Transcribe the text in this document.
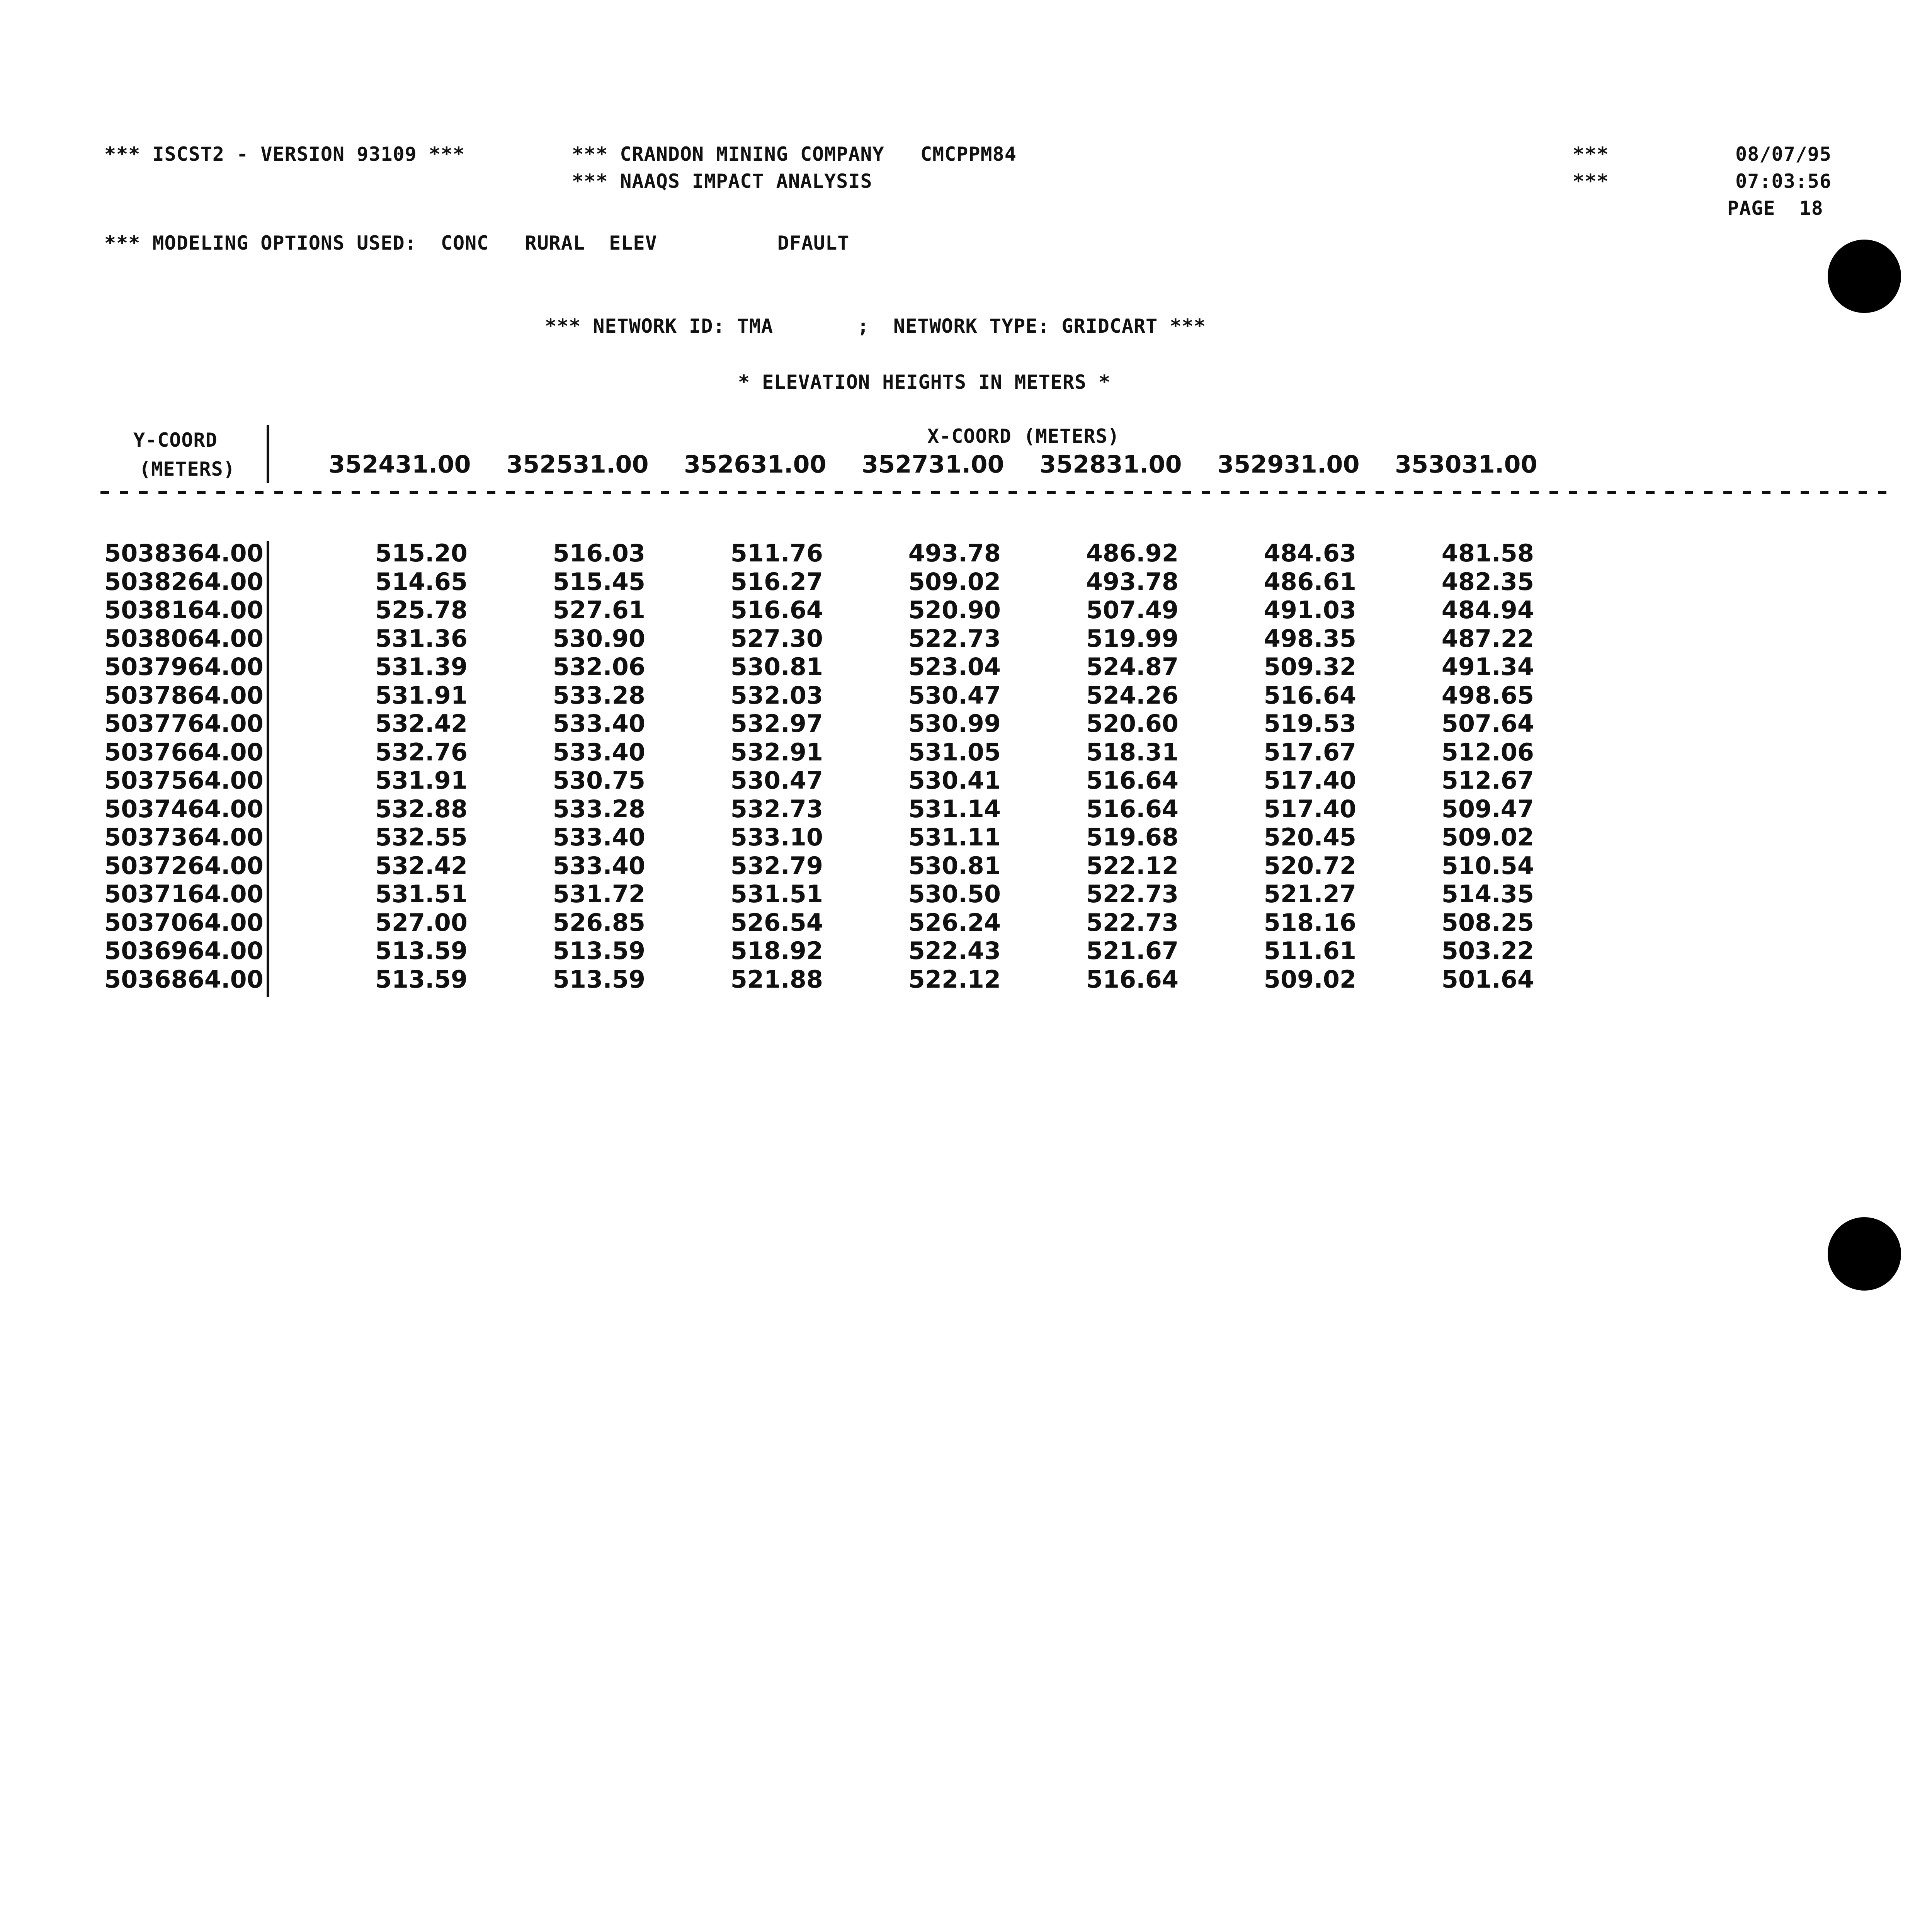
*** ISCST2 - VERSION 93109 ***	*** CRANDON MINING COMPANY   CMCPPM84
*** NAAQS IMPACT ANALYSIS
***
***
08/07/95
07:03:56
PAGE  18
*** MODELING OPTIONS USED:  CONC   RURAL  ELEV          DFAULT
*** NETWORK ID: TMA       ;  NETWORK TYPE: GRIDCART ***
* ELEVATION HEIGHTS IN METERS *
Y-COORD
(METERS)
X-COORD (METERS)
352431.00 352531.00 352631.00 352731.00 352831.00 352931.00 353031.00
5038364.00	515.20	516.03	511.76	493.78	486.92	484.63	481.58
5038264.00	514.65	515.45	516.27	509.02	493.78	486.61	482.35
5038164.00	525.78	527.61	516.64	520.90	507.49	491.03	484.94
5038064.00	531.36	530.90	527.30	522.73	519.99	498.35	487.22
5037964.00	531.39	532.06	530.81	523.04	524.87	509.32	491.34
5037864.00	531.91	533.28	532.03	530.47	524.26	516.64	498.65
5037764.00	532.42	533.40	532.97	530.99	520.60	519.53	507.64
5037664.00	532.76	533.40	532.91	531.05	518.31	517.67	512.06
5037564.00	531.91	530.75	530.47	530.41	516.64	517.40	512.67
5037464.00	532.88	533.28	532.73	531.14	516.64	517.40	509.47
5037364.00	532.55	533.40	533.10	531.11	519.68	520.45	509.02
5037264.00	532.42	533.40	532.79	530.81	522.12	520.72	510.54
5037164.00	531.51	531.72	531.51	530.50	522.73	521.27	514.35
5037064.00	527.00	526.85	526.54	526.24	522.73	518.16	508.25
5036964.00	513.59	513.59	518.92	522.43	521.67	511.61	503.22
5036864.00	513.59	513.59	521.88	522.12	516.64	509.02	501.64
